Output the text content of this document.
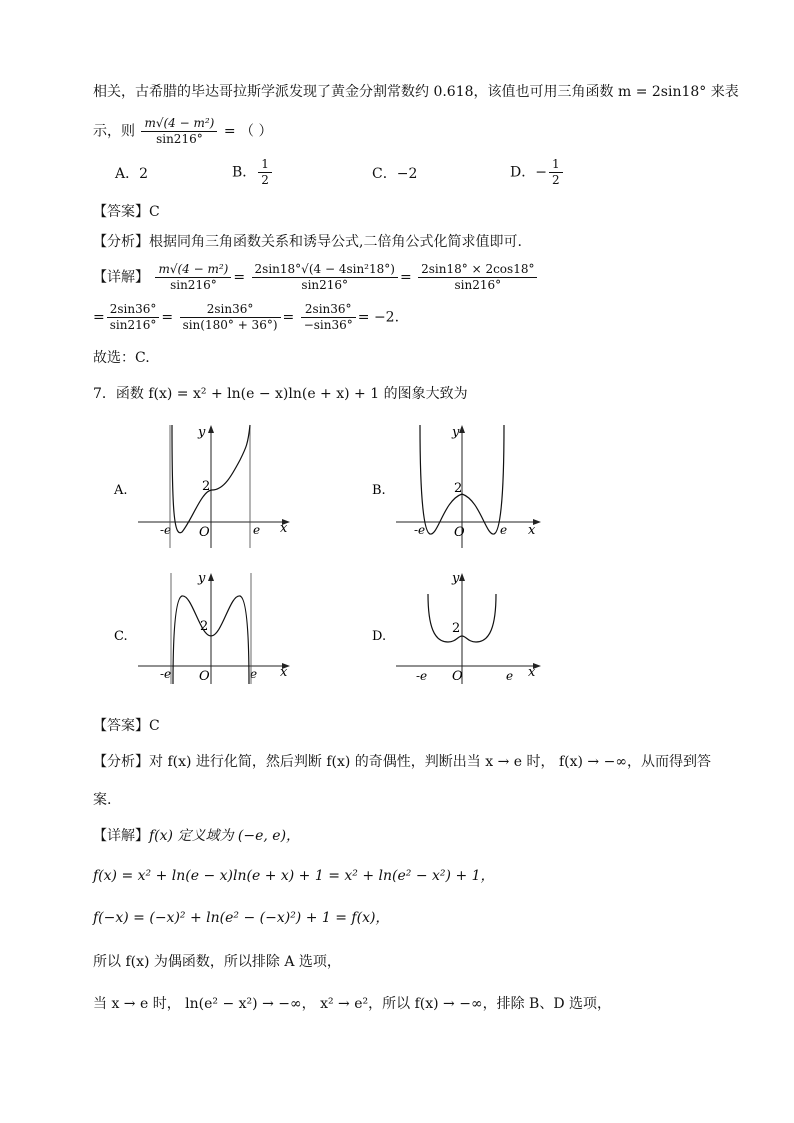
相关，古希腊的毕达哥拉斯学派发现了黄金分割常数约 0.618，该值也可用三角函数 m = 2sin18° 来表
示，则 $\frac{\text{m√(4 − m²)}}{\sin 216^\circ}$ = （ ）
A．2	B． $\frac{1}{2}$	C．−2	D．− $\frac{1}{2}$
【答案】C
【分析】根据同角三角函数关系和诱导公式,二倍角公式化简求值即可.
【详解】 $\frac{\text{m√(4 − m²)}}{\sin 216^\circ} = \frac{\text{2sin18°√(4 − 4sin²18°)}}{\sin 216^\circ} = \frac{2\sin 18^\circ \times 2\cos 18^\circ}{\sin 216^\circ}$
= $\frac{2\sin 36^\circ}{\sin 216^\circ} = \frac{2\sin 36^\circ}{\sin(180^\circ + 36^\circ)} = \frac{2\sin 36^\circ}{-\sin 36^\circ} = -2$.
故选：C.
7．函数 f(x) = x² + ln(e − x)ln(e + x) + 1 的图象大致为
A.
y
x
O
2
-e	e
B.
y
O
2
-e	e x
C.
y
x
O
2
-e	e
D.
y
O
2
-e	e x
【答案】C
【分析】对 f(x) 进行化简，然后判断 f(x) 的奇偶性，判断出当 x → e 时， f(x) → −∞，从而得到答
案.
【详解】f(x) 定义域为 (−e, e)，
f(x) = x² + ln(e − x)ln(e + x) + 1 = x² + ln(e² − x²) + 1，
f(−x) = (−x)² + ln(e² − (−x)²) + 1 = f(x)，
所以 f(x) 为偶函数，所以排除 A 选项，
当 x → e 时， ln(e² − x²) → −∞， x² → e²，所以 f(x) → −∞，排除 B、D 选项，
